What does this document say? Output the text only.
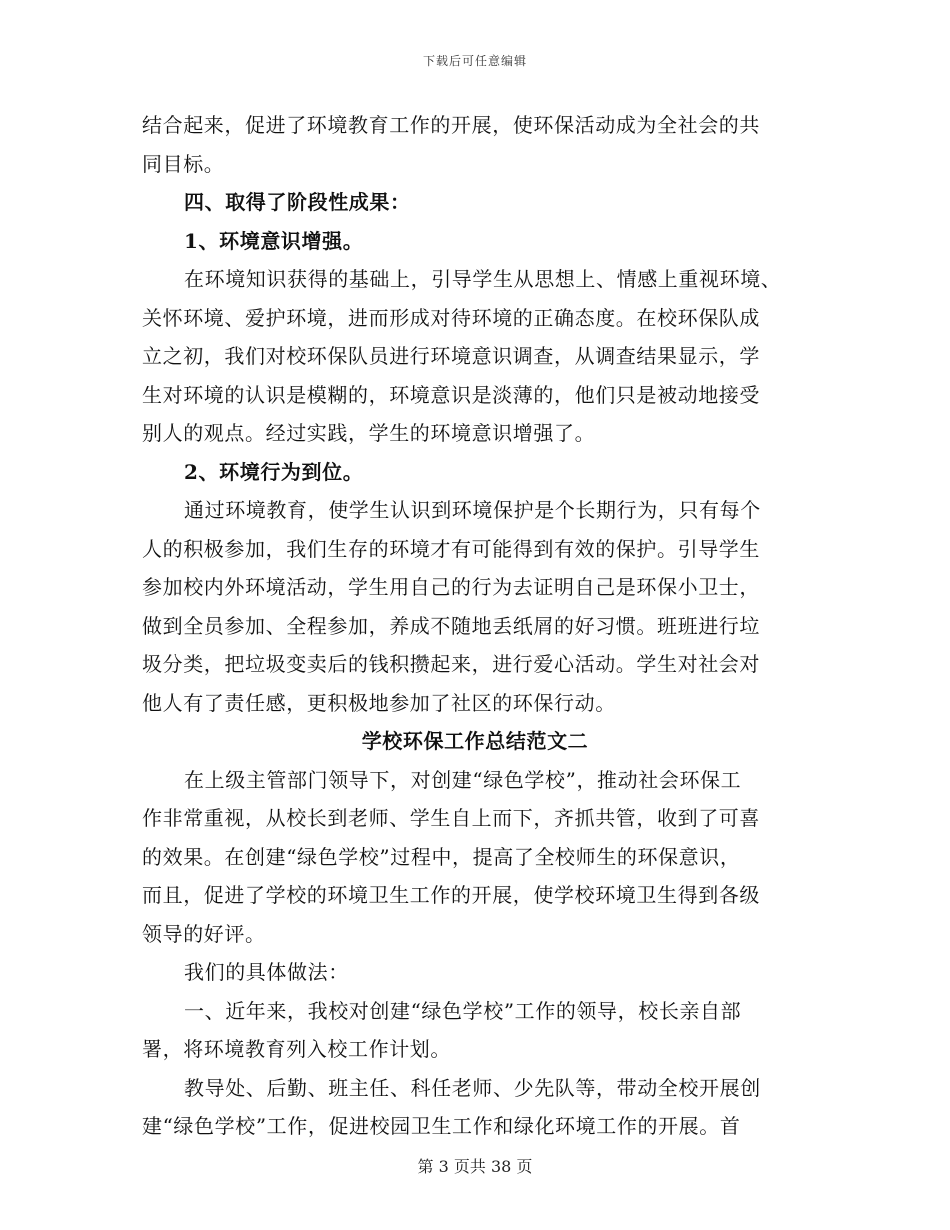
下载后可任意编辑
结合起来，促进了环境教育工作的开展，使环保活动成为全社会的共
同目标。
四、取得了阶段性成果：
1、环境意识增强。
在环境知识获得的基础上，引导学生从思想上、情感上重视环境、
关怀环境、爱护环境，进而形成对待环境的正确态度。在校环保队成
立之初，我们对校环保队员进行环境意识调查，从调查结果显示，学
生对环境的认识是模糊的，环境意识是淡薄的，他们只是被动地接受
别人的观点。经过实践，学生的环境意识增强了。
2、环境行为到位。
通过环境教育，使学生认识到环境保护是个长期行为，只有每个
人的积极参加，我们生存的环境才有可能得到有效的保护。引导学生
参加校内外环境活动，学生用自己的行为去证明自己是环保小卫士，
做到全员参加、全程参加，养成不随地丢纸屑的好习惯。班班进行垃
圾分类，把垃圾变卖后的钱积攒起来，进行爱心活动。学生对社会对
他人有了责任感，更积极地参加了社区的环保行动。
学校环保工作总结范文二
在上级主管部门领导下，对创建“绿色学校”，推动社会环保工
作非常重视，从校长到老师、学生自上而下，齐抓共管，收到了可喜
的效果。在创建“绿色学校”过程中，提高了全校师生的环保意识，
而且，促进了学校的环境卫生工作的开展，使学校环境卫生得到各级
领导的好评。
我们的具体做法：
一、近年来，我校对创建“绿色学校”工作的领导，校长亲自部
署，将环境教育列入校工作计划。
教导处、后勤、班主任、科任老师、少先队等，带动全校开展创
建“绿色学校”工作，促进校园卫生工作和绿化环境工作的开展。首
第 3 页共 38 页
